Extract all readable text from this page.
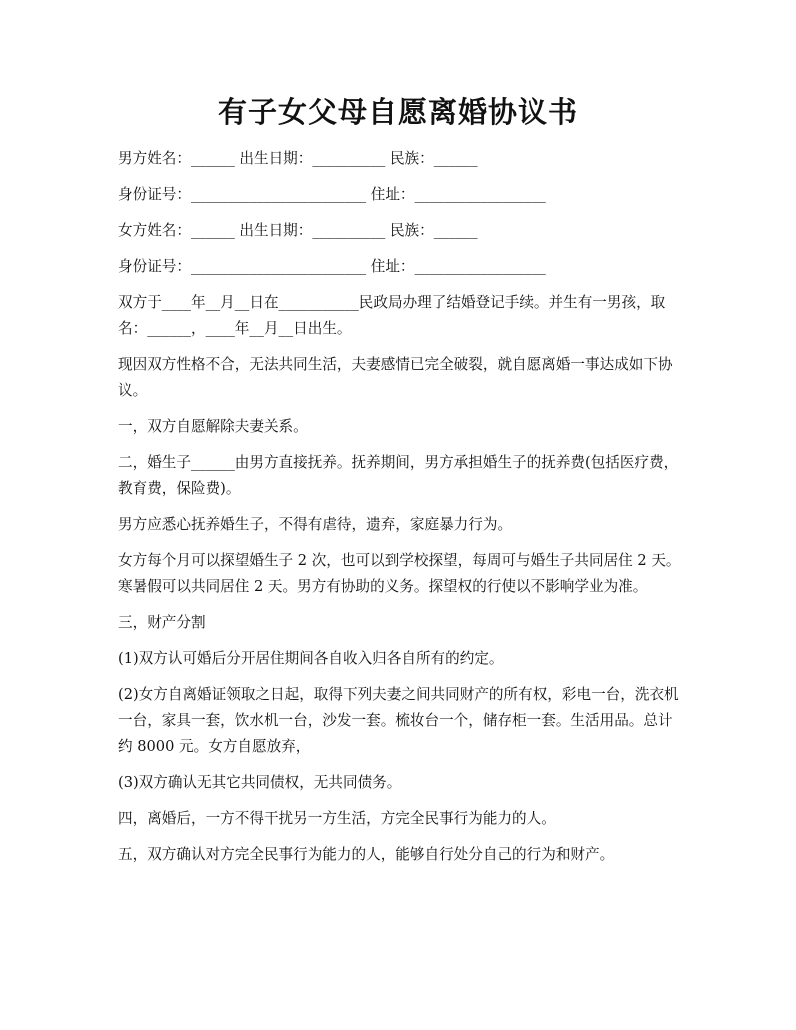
有子女父母自愿离婚协议书

男方姓名：______ 出生日期：__________ 民族：______

身份证号：________________________ 住址：__________________

女方姓名：______ 出生日期：__________ 民族：______

身份证号：________________________ 住址：__________________

双方于____年__月__日在___________民政局办理了结婚登记手续。并生有一男孩，取名：______，____年__月__日出生。

现因双方性格不合，无法共同生活，夫妻感情已完全破裂，就自愿离婚一事达成如下协议。

一，双方自愿解除夫妻关系。

二，婚生子______由男方直接抚养。抚养期间，男方承担婚生子的抚养费(包括医疗费，教育费，保险费)。

男方应悉心抚养婚生子，不得有虐待，遗弃，家庭暴力行为。

女方每个月可以探望婚生子 2 次，也可以到学校探望，每周可与婚生子共同居住 2 天。寒暑假可以共同居住 2 天。男方有协助的义务。探望权的行使以不影响学业为准。

三，财产分割

(1)双方认可婚后分开居住期间各自收入归各自所有的约定。

(2)女方自离婚证领取之日起，取得下列夫妻之间共同财产的所有权，彩电一台，洗衣机一台，家具一套，饮水机一台，沙发一套。梳妆台一个，储存柜一套。生活用品。总计约 8000 元。女方自愿放弃，

(3)双方确认无其它共同债权，无共同债务。

四，离婚后，一方不得干扰另一方生活，方完全民事行为能力的人。

五，双方确认对方完全民事行为能力的人，能够自行处分自己的行为和财产。
